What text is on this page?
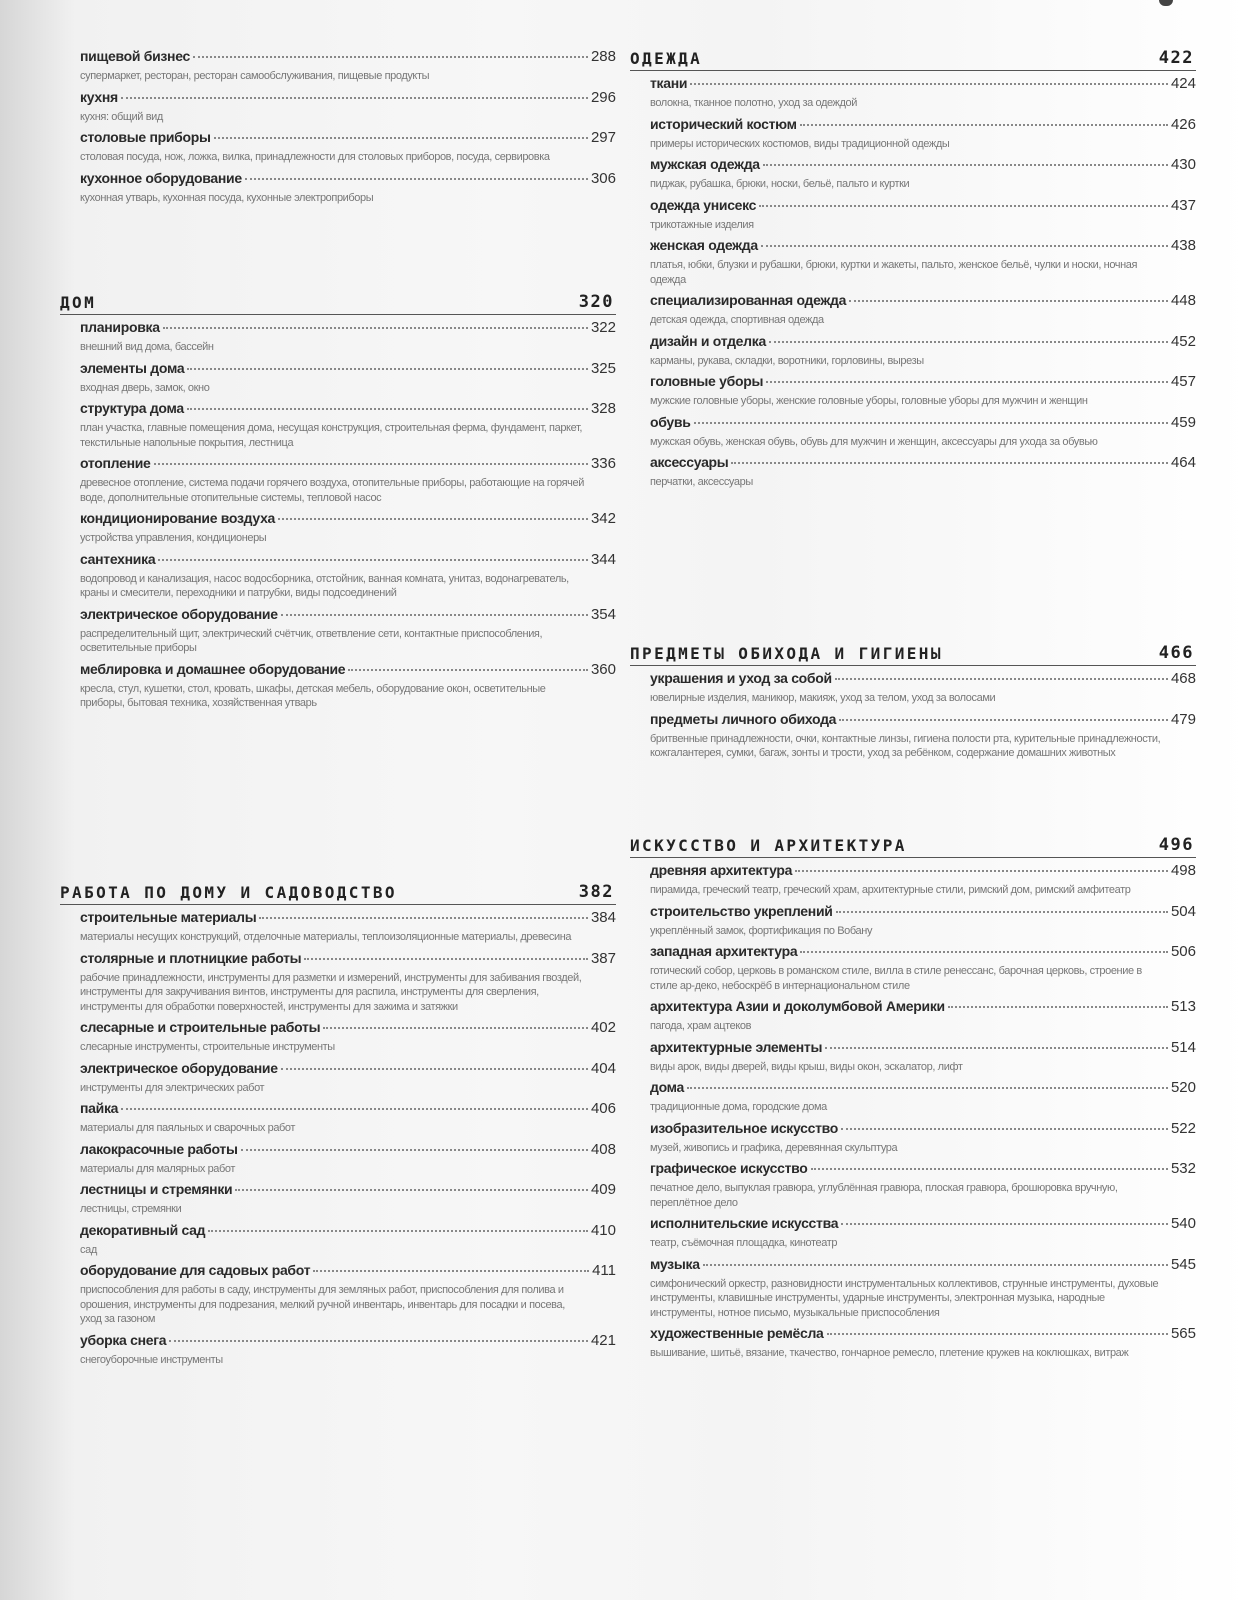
пищевой бизнес	288
супермаркет, ресторан, ресторан самообслуживания, пищевые продукты
кухня	296
кухня: общий вид
столовые приборы	297
столовая посуда, нож, ложка, вилка, принадлежности для столовых приборов, посуда, сервировка
кухонное оборудование	306
кухонная утварь, кухонная посуда, кухонные электроприборы
ДОМ	320
планировка	322
внешний вид дома, бассейн
элементы дома	325
входная дверь, замок, окно
структура дома	328
план участка, главные помещения дома, несущая конструкция, строительная ферма, фундамент, паркет, текстильные напольные покрытия, лестница
отопление	336
древесное отопление, система подачи горячего воздуха, отопительные приборы, работающие на горячей воде, дополнительные отопительные системы, тепловой насос
кондиционирование воздуха	342
устройства управления, кондиционеры
сантехника	344
водопровод и канализация, насос водосборника, отстойник, ванная комната, унитаз, водонагреватель, краны и смесители, переходники и патрубки, виды подсоединений
электрическое оборудование	354
распределительный щит, электрический счётчик, ответвление сети, контактные приспособления, осветительные приборы
меблировка и домашнее оборудование	360
кресла, стул, кушетки, стол, кровать, шкафы, детская мебель, оборудование окон, осветительные приборы, бытовая техника, хозяйственная утварь
РАБОТА ПО ДОМУ И САДОВОДСТВО	382
строительные материалы	384
материалы несущих конструкций, отделочные материалы, теплоизоляционные материалы, древесина
столярные и плотницкие работы	387
рабочие принадлежности, инструменты для разметки и измерений, инструменты для забивания гвоздей, инструменты для закручивания винтов, инструменты для распила, инструменты для сверления, инструменты для обработки поверхностей, инструменты для зажима и затяжки
слесарные и строительные работы	402
слесарные инструменты, строительные инструменты
электрическое оборудование	404
инструменты для электрических работ
пайка	406
материалы для паяльных и сварочных работ
лакокрасочные работы	408
материалы для малярных работ
лестницы и стремянки	409
лестницы, стремянки
декоративный сад	410
сад
оборудование для садовых работ	411
приспособления для работы в саду, инструменты для земляных работ, приспособления для полива и орошения, инструменты для подрезания, мелкий ручной инвентарь, инвентарь для посадки и посева, уход за газоном
уборка снега	421
снегоуборочные инструменты
ОДЕЖДА	422
ткани	424
волокна, тканное полотно, уход за одеждой
исторический костюм	426
примеры исторических костюмов, виды традиционной одежды
мужская одежда	430
пиджак, рубашка, брюки, носки, бельё, пальто и куртки
одежда унисекс	437
трикотажные изделия
женская одежда	438
платья, юбки, блузки и рубашки, брюки, куртки и жакеты, пальто, женское бельё, чулки и носки, ночная одежда
специализированная одежда	448
детская одежда, спортивная одежда
дизайн и отделка	452
карманы, рукава, складки, воротники, горловины, вырезы
головные уборы	457
мужские головные уборы, женские головные уборы, головные уборы для мужчин и женщин
обувь	459
мужская обувь, женская обувь, обувь для мужчин и женщин, аксессуары для ухода за обувью
аксессуары	464
перчатки, аксессуары
ПРЕДМЕТЫ ОБИХОДА И ГИГИЕНЫ	466
украшения и уход за собой	468
ювелирные изделия, маникюр, макияж, уход за телом, уход за волосами
предметы личного обихода	479
бритвенные принадлежности, очки, контактные линзы, гигиена полости рта, курительные принадлежности, кожгалантерея, сумки, багаж, зонты и трости, уход за ребёнком, содержание домашних животных
ИСКУССТВО И АРХИТЕКТУРА	496
древняя архитектура	498
пирамида, греческий театр, греческий храм, архитектурные стили, римский дом, римский амфитеатр
строительство укреплений	504
укреплённый замок, фортификация по Вобану
западная архитектура	506
готический собор, церковь в романском стиле, вилла в стиле ренессанс, барочная церковь, строение в стиле ар-деко, небоскрёб в интернациональном стиле
архитектура Азии и доколумбовой Америки	513
пагода, храм ацтеков
архитектурные элементы	514
виды арок, виды дверей, виды крыш, виды окон, эскалатор, лифт
дома	520
традиционные дома, городские дома
изобразительное искусство	522
музей, живопись и графика, деревянная скульптура
графическое искусство	532
печатное дело, выпуклая гравюра, углублённая гравюра, плоская гравюра, брошюровка вручную, переплётное дело
исполнительские искусства	540
театр, съёмочная площадка, кинотеатр
музыка	545
симфонический оркестр, разновидности инструментальных коллективов, струнные инструменты, духовые инструменты, клавишные инструменты, ударные инструменты, электронная музыка, народные инструменты, нотное письмо, музыкальные приспособления
художественные ремёсла	565
вышивание, шитьё, вязание, ткачество, гончарное ремесло, плетение кружев на коклюшках, витраж
